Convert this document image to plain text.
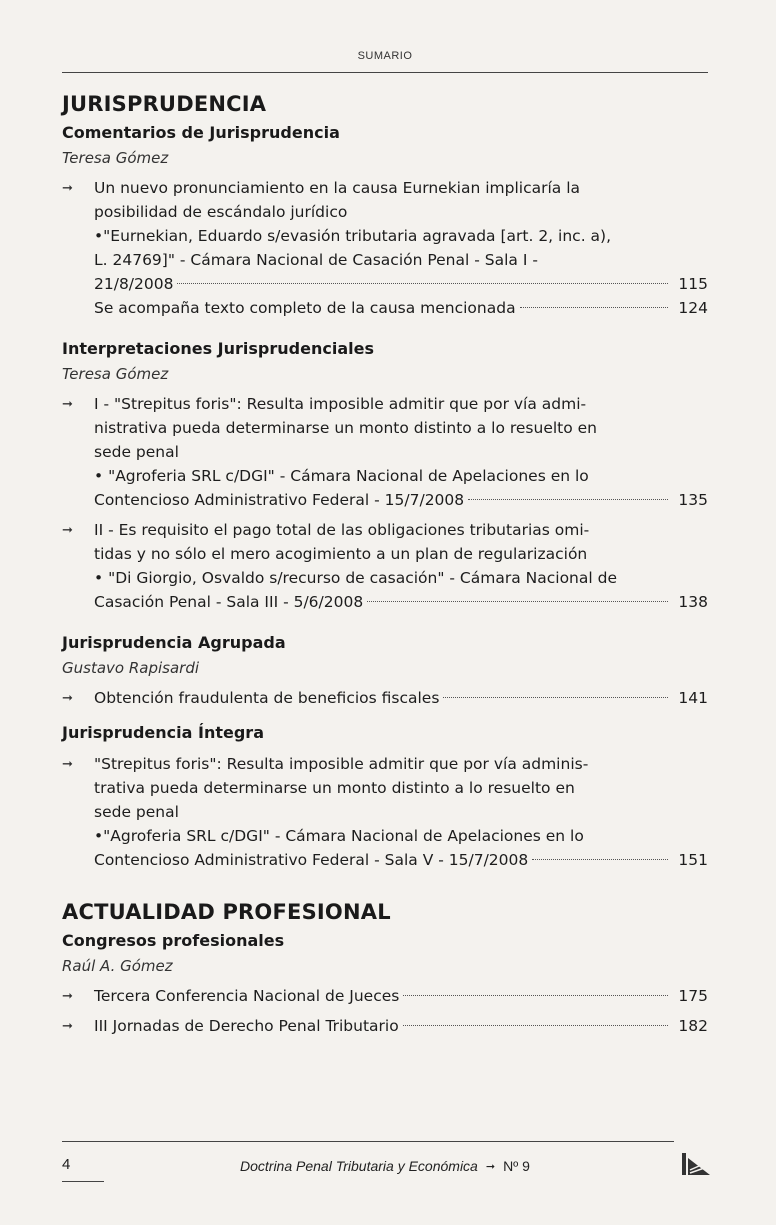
SUMARIO
JURISPRUDENCIA
Comentarios de Jurisprudencia

Teresa Gómez

➞	Un nuevo pronunciamiento en la causa Eurnekian implicaría la

posibilidad de escándalo jurídico

•"Eurnekian, Eduardo s/evasión tributaria agravada [art. 2, inc. a),

L. 24769]" - Cámara Nacional de Casación Penal - Sala I -

21/8/2008	115
Se acompaña texto completo de la causa mencionada	124
Interpretaciones Jurisprudenciales

Teresa Gómez

➞	I - "Strepitus foris": Resulta imposible admitir que por vía admi-

nistrativa pueda determinarse un monto distinto a lo resuelto en

sede penal

• "Agroferia SRL c/DGI" - Cámara Nacional de Apelaciones en lo

Contencioso Administrativo Federal - 15/7/2008	135
➞	II - Es requisito el pago total de las obligaciones tributarias omi-

tidas y no sólo el mero acogimiento a un plan de regularización

• "Di Giorgio, Osvaldo s/recurso de casación" - Cámara Nacional de

Casación Penal - Sala III - 5/6/2008	138
Jurisprudencia Agrupada

Gustavo Rapisardi

➞	Obtención fraudulenta de beneficios fiscales	141
Jurisprudencia Íntegra
➞	"Strepitus foris": Resulta imposible admitir que por vía adminis-

trativa pueda determinarse un monto distinto a lo resuelto en

sede penal

•"Agroferia SRL c/DGI" - Cámara Nacional de Apelaciones en lo

Contencioso Administrativo Federal - Sala V - 15/7/2008	151
ACTUALIDAD PROFESIONAL
Congresos profesionales

Raúl A. Gómez

➞	Tercera Conferencia Nacional de Jueces	175
➞	III Jornadas de Derecho Penal Tributario	182
4	Doctrina Penal Tributaria y Económica ➞ Nº 9
